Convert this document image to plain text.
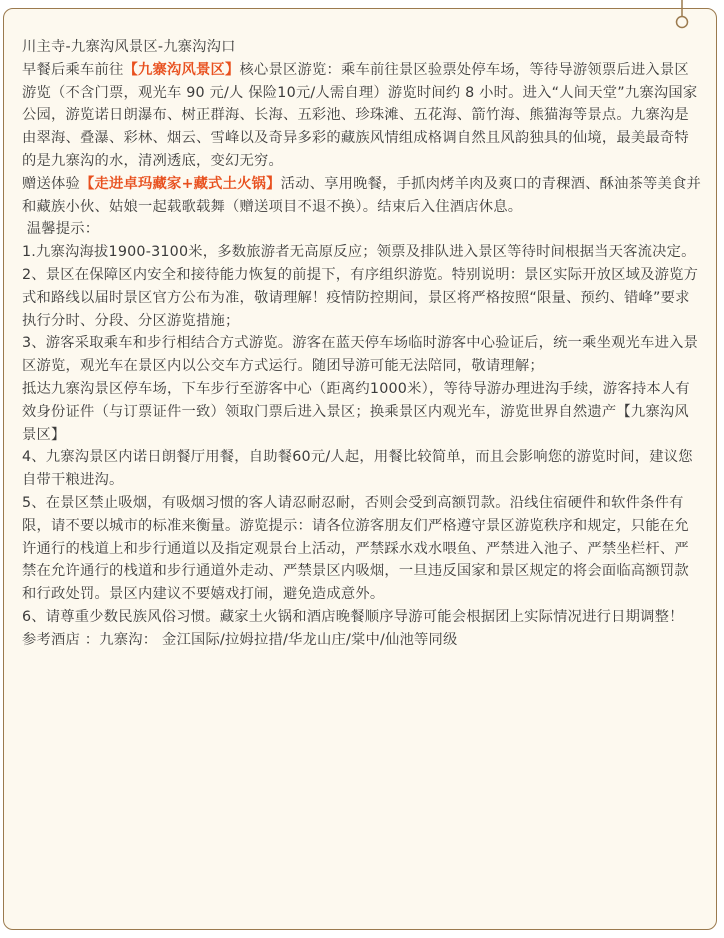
川主寺-九寨沟风景区-九寨沟沟口

早餐后乘车前往【九寨沟风景区】核心景区游览：乘车前往景区验票处停车场，等待导游领票后进入景区游览（不含门票，观光车 90 元/人 保险10元/人需自理）游览时间约 8 小时。进入“人间天堂”九寨沟国家公园，游览诺日朗瀑布、树正群海、长海、五彩池、珍珠滩、五花海、箭竹海、熊猫海等景点。九寨沟是由翠海、叠瀑、彩林、烟云、雪峰以及奇异多彩的藏族风情组成格调自然且风韵独具的仙境，最美最奇特的是九寨沟的水，清冽透底，变幻无穷。

赠送体验【走进卓玛藏家+藏式土火锅】活动、享用晚餐，手抓肉烤羊肉及爽口的青稞酒、酥油茶等美食并和藏族小伙、姑娘一起载歌载舞（赠送项目不退不换）。结束后入住酒店休息。

温馨提示：

1.九寨沟海拔1900-3100米，多数旅游者无高原反应；领票及排队进入景区等待时间根据当天客流决定。

2、景区在保障区内安全和接待能力恢复的前提下，有序组织游览。特别说明：景区实际开放区域及游览方式和路线以届时景区官方公布为准，敬请理解！疫情防控期间，景区将严格按照“限量、预约、错峰”要求执行分时、分段、分区游览措施；

3、游客采取乘车和步行相结合方式游览。游客在蓝天停车场临时游客中心验证后，统一乘坐观光车进入景区游览，观光车在景区内以公交车方式运行。随团导游可能无法陪同，敬请理解；

抵达九寨沟景区停车场，下车步行至游客中心（距离约1000米），等待导游办理进沟手续，游客持本人有效身份证件（与订票证件一致）领取门票后进入景区；换乘景区内观光车，游览世界自然遗产【九寨沟风景区】

4、九寨沟景区内诺日朗餐厅用餐，自助餐60元/人起，用餐比较简单，而且会影响您的游览时间，建议您自带干粮进沟。

5、在景区禁止吸烟，有吸烟习惯的客人请忍耐忍耐，否则会受到高额罚款。沿线住宿硬件和软件条件有限，请不要以城市的标准来衡量。游览提示：请各位游客朋友们严格遵守景区游览秩序和规定，只能在允许通行的栈道上和步行通道以及指定观景台上活动，严禁踩水戏水喂鱼、严禁进入池子、严禁坐栏杆、严禁在允许通行的栈道和步行通道外走动、严禁景区内吸烟，一旦违反国家和景区规定的将会面临高额罚款和行政处罚。景区内建议不要嬉戏打闹，避免造成意外。

6、请尊重少数民族风俗习惯。藏家土火锅和酒店晚餐顺序导游可能会根据团上实际情况进行日期调整！

参考酒店 ：九寨沟： 金江国际/拉姆拉措/华龙山庄/棠中/仙池等同级
